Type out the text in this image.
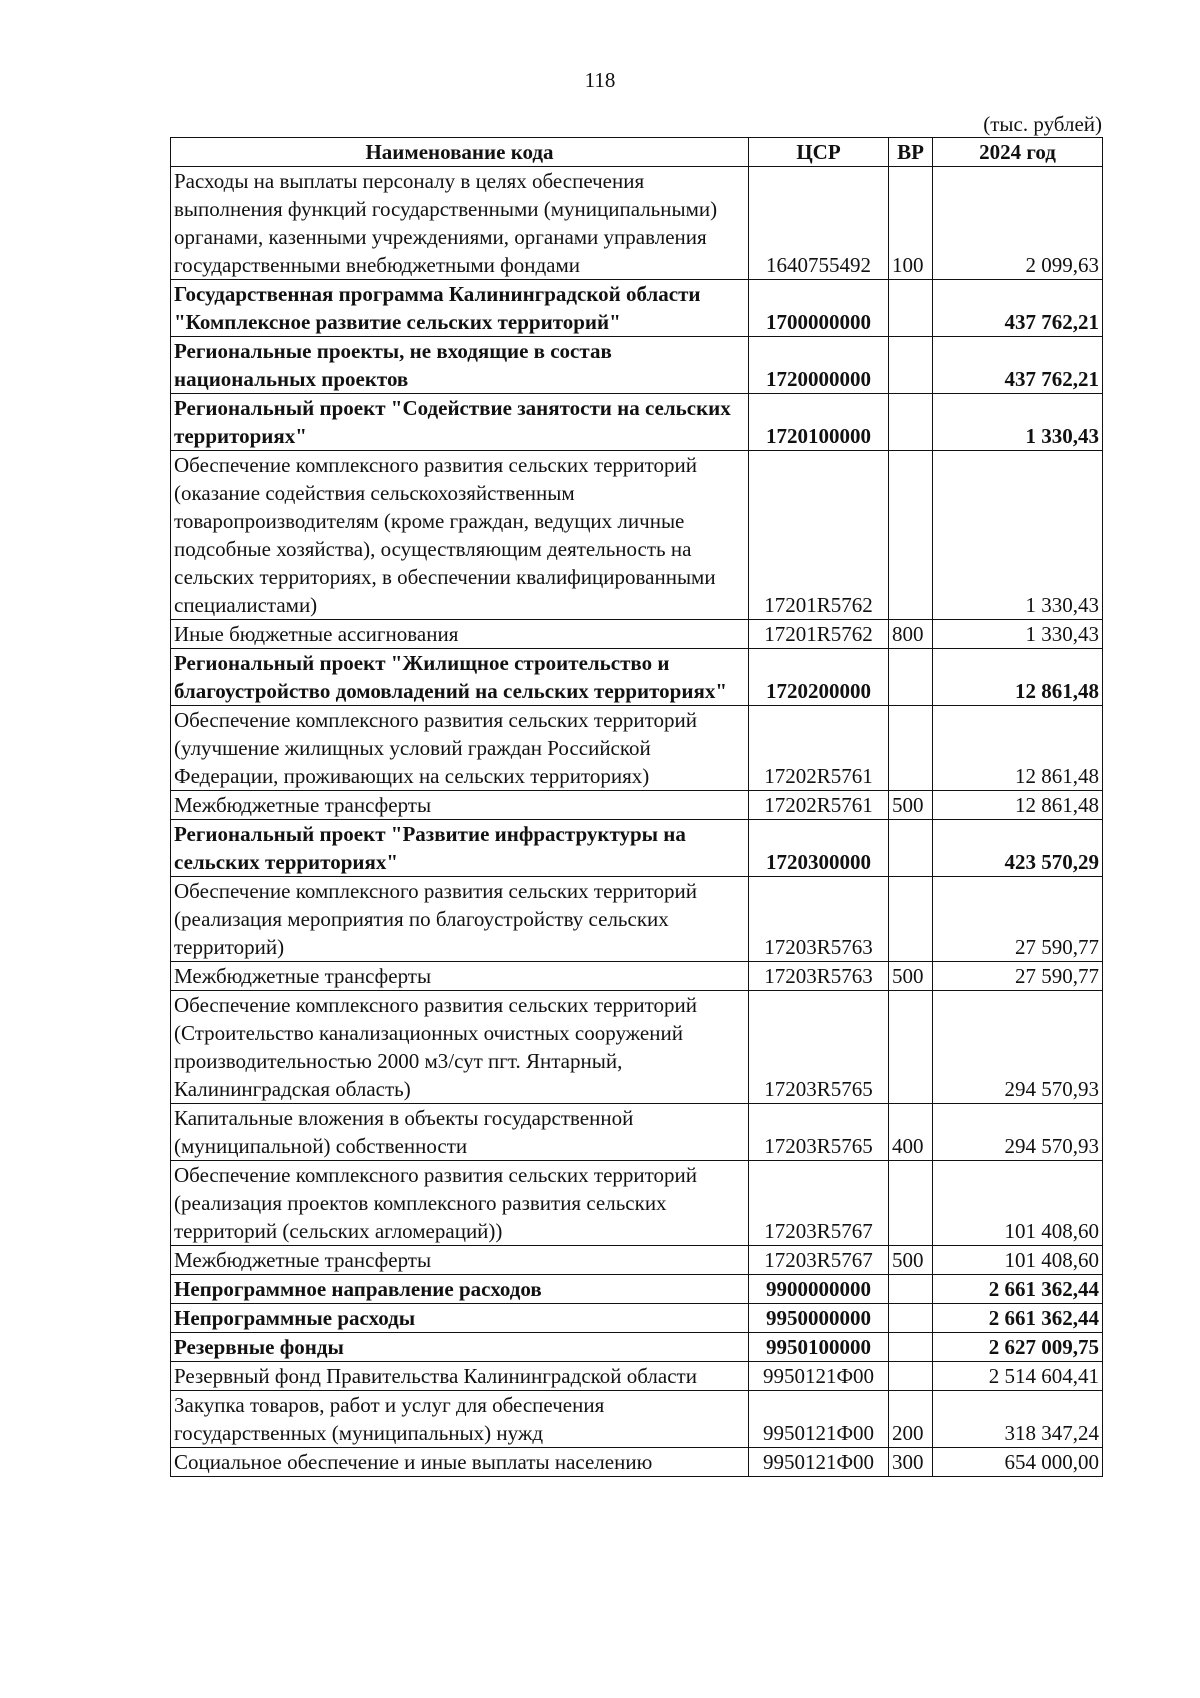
118
(тыс. рублей)
Наименование кода	ЦСР	ВР	2024 год
Расходы на выплаты персоналу в целях обеспечения выполнения функций государственными (муниципальными) органами, казенными учреждениями, органами управления государственными внебюджетными фондами	1640755492	100	2 099,63
Государственная программа Калининградской области "Комплексное развитие сельских территорий"	1700000000		437 762,21
Региональные проекты, не входящие в состав национальных проектов	1720000000		437 762,21
Региональный проект "Содействие занятости на сельских территориях"	1720100000		1 330,43
Обеспечение комплексного развития сельских территорий (оказание содействия сельскохозяйственным товаропроизводителям (кроме граждан, ведущих личные подсобные хозяйства), осуществляющим деятельность на сельских территориях, в обеспечении квалифицированными специалистами)	17201R5762		1 330,43
Иные бюджетные ассигнования	17201R5762	800	1 330,43
Региональный проект "Жилищное строительство и благоустройство домовладений на сельских территориях"	1720200000		12 861,48
Обеспечение комплексного развития сельских территорий (улучшение жилищных условий граждан Российской Федерации, проживающих на сельских территориях)	17202R5761		12 861,48
Межбюджетные трансферты	17202R5761	500	12 861,48
Региональный проект "Развитие инфраструктуры на сельских территориях"	1720300000		423 570,29
Обеспечение комплексного развития сельских территорий (реализация мероприятия по благоустройству сельских территорий)	17203R5763		27 590,77
Межбюджетные трансферты	17203R5763	500	27 590,77
Обеспечение комплексного развития сельских территорий (Строительство канализационных очистных сооружений производительностью 2000 м3/сут пгт. Янтарный, Калининградская область)	17203R5765		294 570,93
Капитальные вложения в объекты государственной (муниципальной) собственности	17203R5765	400	294 570,93
Обеспечение комплексного развития сельских территорий (реализация проектов комплексного развития сельских территорий (сельских агломераций))	17203R5767		101 408,60
Межбюджетные трансферты	17203R5767	500	101 408,60
Непрограммное направление расходов	9900000000		2 661 362,44
Непрограммные расходы	9950000000		2 661 362,44
Резервные фонды	9950100000		2 627 009,75
Резервный фонд Правительства Калининградской области	9950121Ф00		2 514 604,41
Закупка товаров, работ и услуг для обеспечения государственных (муниципальных) нужд	9950121Ф00	200	318 347,24
Социальное обеспечение и иные выплаты населению	9950121Ф00	300	654 000,00
